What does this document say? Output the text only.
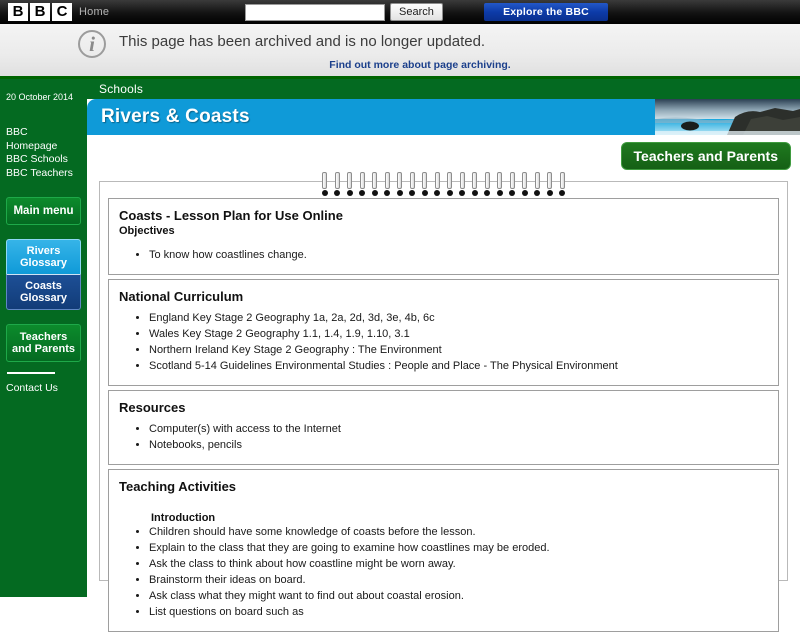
B B C	Home	Search	Explore the BBC
i	This page has been archived and is no longer updated.
Find out more about page archiving.
20 October 2014
BBC Homepage
BBC Schools
BBC Teachers
Main menu
Rivers Glossary
Coasts Glossary
Teachers and Parents
Contact Us
Schools
Rivers & Coasts
Teachers and Parents
Coasts - Lesson Plan for Use Online
Objectives
• To know how coastlines change.
National Curriculum
• England Key Stage 2 Geography 1a, 2a, 2d, 3d, 3e, 4b, 6c
• Wales Key Stage 2 Geography 1.1, 1.4, 1.9, 1.10, 3.1
• Northern Ireland Key Stage 2 Geography : The Environment
• Scotland 5-14 Guidelines Environmental Studies : People and Place - The Physical Environment
Resources
• Computer(s) with access to the Internet
• Notebooks, pencils
Teaching Activities
Introduction
• Children should have some knowledge of coasts before the lesson.
• Explain to the class that they are going to examine how coastlines may be eroded.
• Ask the class to think about how coastline might be worn away.
• Brainstorm their ideas on board.
• Ask class what they might want to find out about coastal erosion.
• List questions on board such as
